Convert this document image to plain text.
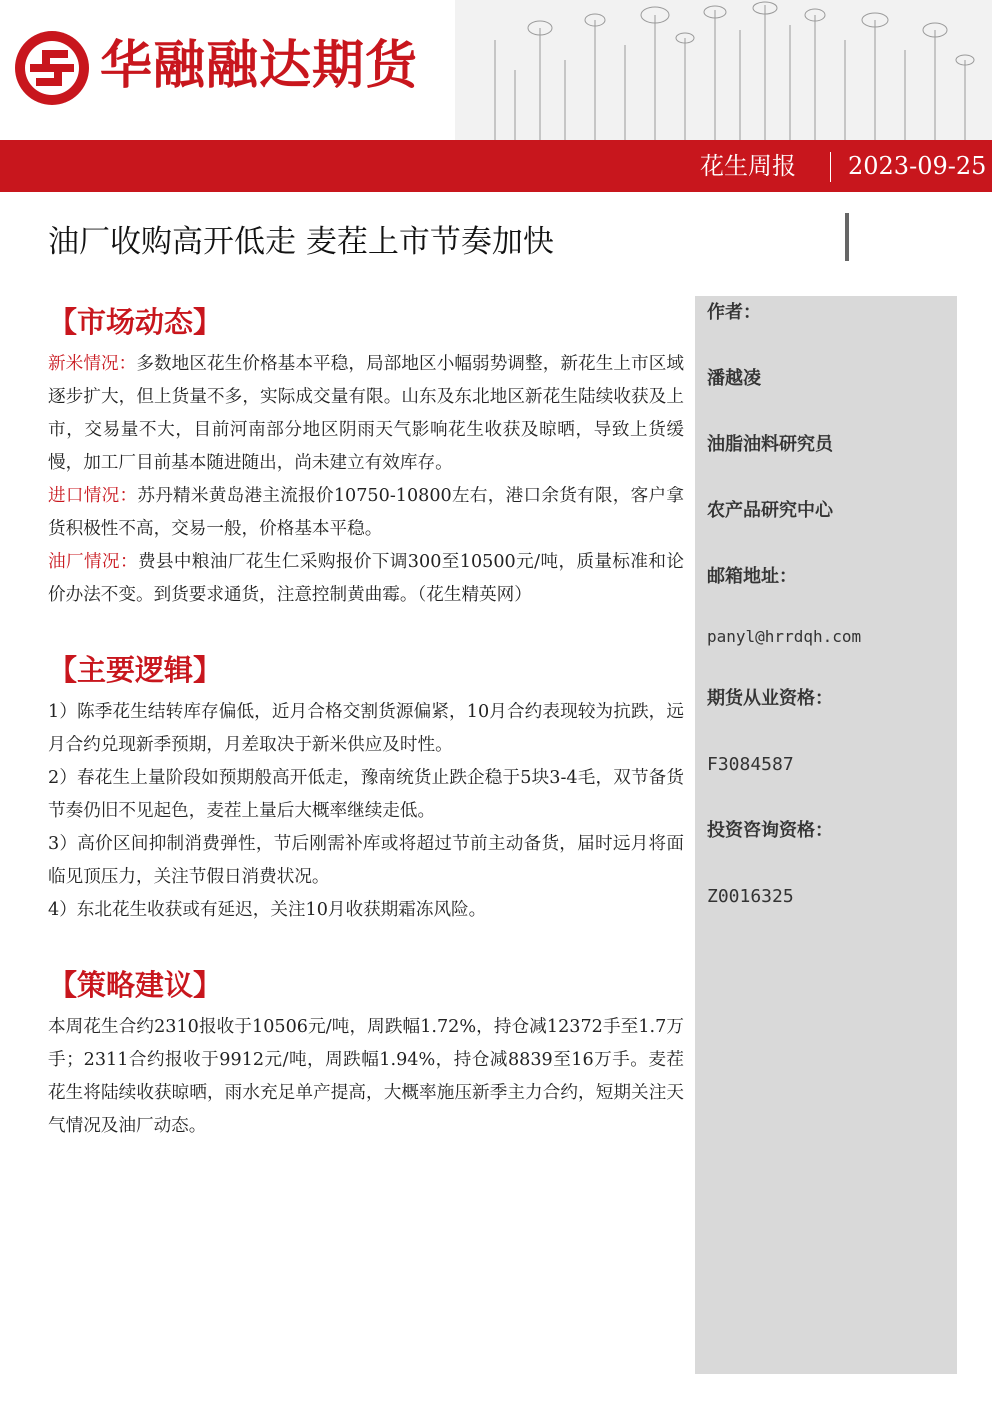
华融融达期货
花生周报 2023-09-25
油厂收购高开低走 麦茬上市节奏加快
【市场动态】

新米情况：多数地区花生价格基本平稳，局部地区小幅弱势调整，新花生上市区域逐步扩大，但上货量不多，实际成交量有限。山东及东北地区新花生陆续收获及上市，交易量不大，目前河南部分地区阴雨天气影响花生收获及晾晒，导致上货缓慢，加工厂目前基本随进随出，尚未建立有效库存。

进口情况：苏丹精米黄岛港主流报价10750-10800左右，港口余货有限，客户拿货积极性不高，交易一般，价格基本平稳。

油厂情况：费县中粮油厂花生仁采购报价下调300至10500元/吨，质量标准和论价办法不变。到货要求通货，注意控制黄曲霉。（花生精英网）

【主要逻辑】

1）陈季花生结转库存偏低，近月合格交割货源偏紧，10月合约表现较为抗跌，远月合约兑现新季预期，月差取决于新米供应及时性。

2）春花生上量阶段如预期般高开低走，豫南统货止跌企稳于5块3-4毛，双节备货节奏仍旧不见起色，麦茬上量后大概率继续走低。

3）高价区间抑制消费弹性，节后刚需补库或将超过节前主动备货，届时远月将面临见顶压力，关注节假日消费状况。

4）东北花生收获或有延迟，关注10月收获期霜冻风险。

【策略建议】

本周花生合约2310报收于10506元/吨，周跌幅1.72%，持仓减12372手至1.7万手；2311合约报收于9912元/吨，周跌幅1.94%，持仓减8839至16万手。麦茬花生将陆续收获晾晒，雨水充足单产提高，大概率施压新季主力合约，短期关注天气情况及油厂动态。

作者：
潘越凌
油脂油料研究员
农产品研究中心
邮箱地址：
panyl@hrrdqh.com
期货从业资格：
F3084587
投资咨询资格：
Z0016325
